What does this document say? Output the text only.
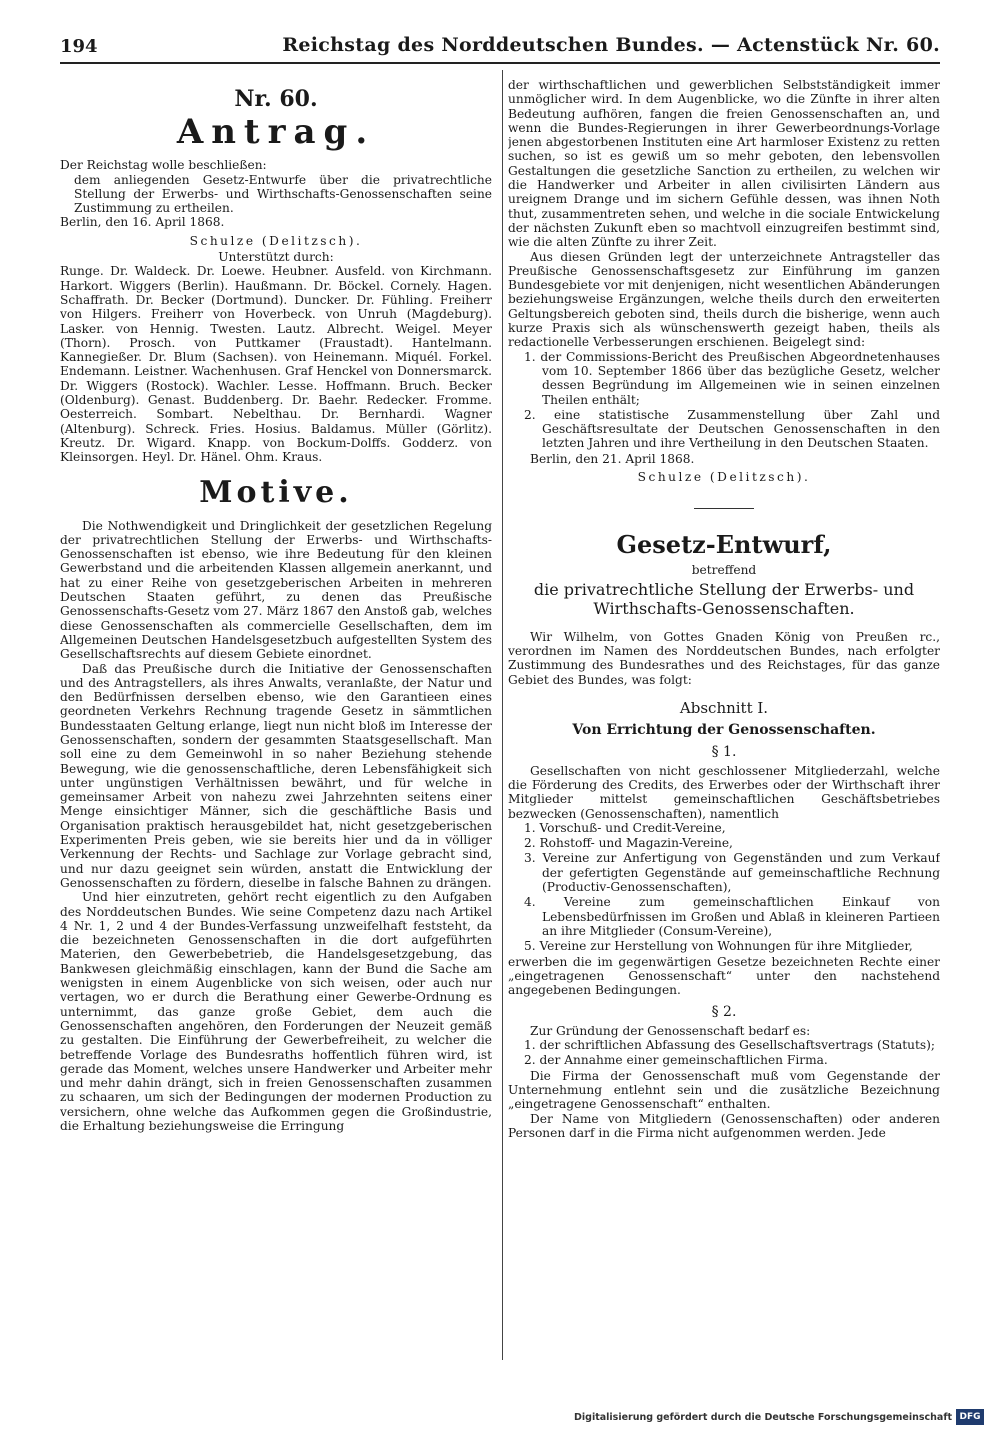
194	Reichstag des Norddeutschen Bundes. — Actenstück Nr. 60.
Nr. 60.
Antrag.

Der Reichstag wolle beschließen:

dem anliegenden Gesetz-Entwurfe über die privatrechtliche Stellung der Erwerbs- und Wirthschafts-Genossenschaften seine Zustimmung zu ertheilen.

Berlin, den 16. April 1868.

Schulze (Delitzsch).

Unterstützt durch:

Runge. Dr. Waldeck. Dr. Loewe. Heubner. Ausfeld. von Kirchmann. Harkort. Wiggers (Berlin). Haußmann. Dr. Böckel. Cornely. Hagen. Schaffrath. Dr. Becker (Dortmund). Duncker. Dr. Fühling. Freiherr von Hilgers. Freiherr von Hoverbeck. von Unruh (Magdeburg). Lasker. von Hennig. Twesten. Lautz. Albrecht. Weigel. Meyer (Thorn). Prosch. von Puttkamer (Fraustadt). Hantelmann. Kannegießer. Dr. Blum (Sachsen). von Heinemann. Miquél. Forkel. Endemann. Leistner. Wachenhusen. Graf Henckel von Donnersmarck. Dr. Wiggers (Rostock). Wachler. Lesse. Hoffmann. Bruch. Becker (Oldenburg). Genast. Buddenberg. Dr. Baehr. Redecker. Fromme. Oesterreich. Sombart. Nebelthau. Dr. Bernhardi. Wagner (Altenburg). Schreck. Fries. Hosius. Baldamus. Müller (Görlitz). Kreutz. Dr. Wigard. Knapp. von Bockum-Dolffs. Godderz. von Kleinsorgen. Heyl. Dr. Hänel. Ohm. Kraus.

Motive.

Die Nothwendigkeit und Dringlichkeit der gesetzlichen Regelung der privatrechtlichen Stellung der Erwerbs- und Wirthschafts-Genossenschaften ist ebenso, wie ihre Bedeutung für den kleinen Gewerbstand und die arbeitenden Klassen allgemein anerkannt, und hat zu einer Reihe von gesetzgeberischen Arbeiten in mehreren Deutschen Staaten geführt, zu denen das Preußische Genossenschafts-Gesetz vom 27. März 1867 den Anstoß gab, welches diese Genossenschaften als commercielle Gesellschaften, dem im Allgemeinen Deutschen Handelsgesetzbuch aufgestellten System des Gesellschaftsrechts auf diesem Gebiete einordnet.

Daß das Preußische durch die Initiative der Genossenschaften und des Antragstellers, als ihres Anwalts, veranlaßte, der Natur und den Bedürfnissen derselben ebenso, wie den Garantieen eines geordneten Verkehrs Rechnung tragende Gesetz in sämmtlichen Bundesstaaten Geltung erlange, liegt nun nicht bloß im Interesse der Genossenschaften, sondern der gesammten Staatsgesellschaft. Man soll eine zu dem Gemeinwohl in so naher Beziehung stehende Bewegung, wie die genossenschaftliche, deren Lebensfähigkeit sich unter ungünstigen Verhältnissen bewährt, und für welche in gemeinsamer Arbeit von nahezu zwei Jahrzehnten seitens einer Menge einsichtiger Männer, sich die geschäftliche Basis und Organisation praktisch herausgebildet hat, nicht gesetzgeberischen Experimenten Preis geben, wie sie bereits hier und da in völliger Verkennung der Rechts- und Sachlage zur Vorlage gebracht sind, und nur dazu geeignet sein würden, anstatt die Entwicklung der Genossenschaften zu fördern, dieselbe in falsche Bahnen zu drängen.

Und hier einzutreten, gehört recht eigentlich zu den Aufgaben des Norddeutschen Bundes. Wie seine Competenz dazu nach Artikel 4 Nr. 1, 2 und 4 der Bundes-Verfassung unzweifelhaft feststeht, da die bezeichneten Genossenschaften in die dort aufgeführten Materien, den Gewerbebetrieb, die Handelsgesetzgebung, das Bankwesen gleichmäßig einschlagen, kann der Bund die Sache am wenigsten in einem Augenblicke von sich weisen, oder auch nur vertagen, wo er durch die Berathung einer Gewerbe-Ordnung es unternimmt, das ganze große Gebiet, dem auch die Genossenschaften angehören, den Forderungen der Neuzeit gemäß zu gestalten. Die Einführung der Gewerbefreiheit, zu welcher die betreffende Vorlage des Bundesraths hoffentlich führen wird, ist gerade das Moment, welches unsere Handwerker und Arbeiter mehr und mehr dahin drängt, sich in freien Genossenschaften zusammen zu schaaren, um sich der Bedingungen der modernen Production zu versichern, ohne welche das Aufkommen gegen die Großindustrie, die Erhaltung beziehungsweise die Erringung

der wirthschaftlichen und gewerblichen Selbstständigkeit immer unmöglicher wird. In dem Augenblicke, wo die Zünfte in ihrer alten Bedeutung aufhören, fangen die freien Genossenschaften an, und wenn die Bundes-Regierungen in ihrer Gewerbeordnungs-Vorlage jenen abgestorbenen Instituten eine Art harmloser Existenz zu retten suchen, so ist es gewiß um so mehr geboten, den lebensvollen Gestaltungen die gesetzliche Sanction zu ertheilen, zu welchen wir die Handwerker und Arbeiter in allen civilisirten Ländern aus ureignem Drange und im sichern Gefühle dessen, was ihnen Noth thut, zusammentreten sehen, und welche in die sociale Entwickelung der nächsten Zukunft eben so machtvoll einzugreifen bestimmt sind, wie die alten Zünfte zu ihrer Zeit.

Aus diesen Gründen legt der unterzeichnete Antragsteller das Preußische Genossenschaftsgesetz zur Einführung im ganzen Bundesgebiete vor mit denjenigen, nicht wesentlichen Abänderungen beziehungsweise Ergänzungen, welche theils durch den erweiterten Geltungsbereich geboten sind, theils durch die bisherige, wenn auch kurze Praxis sich als wünschenswerth gezeigt haben, theils als redactionelle Verbesserungen erschienen. Beigelegt sind:

1. der Commissions-Bericht des Preußischen Abgeordnetenhauses vom 10. September 1866 über das bezügliche Gesetz, welcher dessen Begründung im Allgemeinen wie in seinen einzelnen Theilen enthält;
2. eine statistische Zusammenstellung über Zahl und Geschäftsresultate der Deutschen Genossenschaften in den letzten Jahren und ihre Vertheilung in den Deutschen Staaten.

Berlin, den 21. April 1868.

Schulze (Delitzsch).

Gesetz-Entwurf,
betreffend
die privatrechtliche Stellung der Erwerbs- und Wirthschafts-Genossenschaften.

Wir Wilhelm, von Gottes Gnaden König von Preußen rc., verordnen im Namen des Norddeutschen Bundes, nach erfolgter Zustimmung des Bundesrathes und des Reichstages, für das ganze Gebiet des Bundes, was folgt:

Abschnitt I.
Von Errichtung der Genossenschaften.
§ 1.

Gesellschaften von nicht geschlossener Mitgliederzahl, welche die Förderung des Credits, des Erwerbes oder der Wirthschaft ihrer Mitglieder mittelst gemeinschaftlichen Geschäftsbetriebes bezwecken (Genossenschaften), namentlich

1. Vorschuß- und Credit-Vereine,
2. Rohstoff- und Magazin-Vereine,
3. Vereine zur Anfertigung von Gegenständen und zum Verkauf der gefertigten Gegenstände auf gemeinschaftliche Rechnung (Productiv-Genossenschaften),
4. Vereine zum gemeinschaftlichen Einkauf von Lebensbedürfnissen im Großen und Ablaß in kleineren Partieen an ihre Mitglieder (Consum-Vereine),
5. Vereine zur Herstellung von Wohnungen für ihre Mitglieder,

erwerben die im gegenwärtigen Gesetze bezeichneten Rechte einer „eingetragenen Genossenschaft“ unter den nachstehend angegebenen Bedingungen.

§ 2.

Zur Gründung der Genossenschaft bedarf es:

1. der schriftlichen Abfassung des Gesellschaftsvertrags (Statuts);
2. der Annahme einer gemeinschaftlichen Firma.

Die Firma der Genossenschaft muß vom Gegenstande der Unternehmung entlehnt sein und die zusätzliche Bezeichnung „eingetragene Genossenschaft“ enthalten.

Der Name von Mitgliedern (Genossenschaften) oder anderen Personen darf in die Firma nicht aufgenommen werden. Jede

Digitalisierung gefördert durch die Deutsche Forschungsgemeinschaft DFG
